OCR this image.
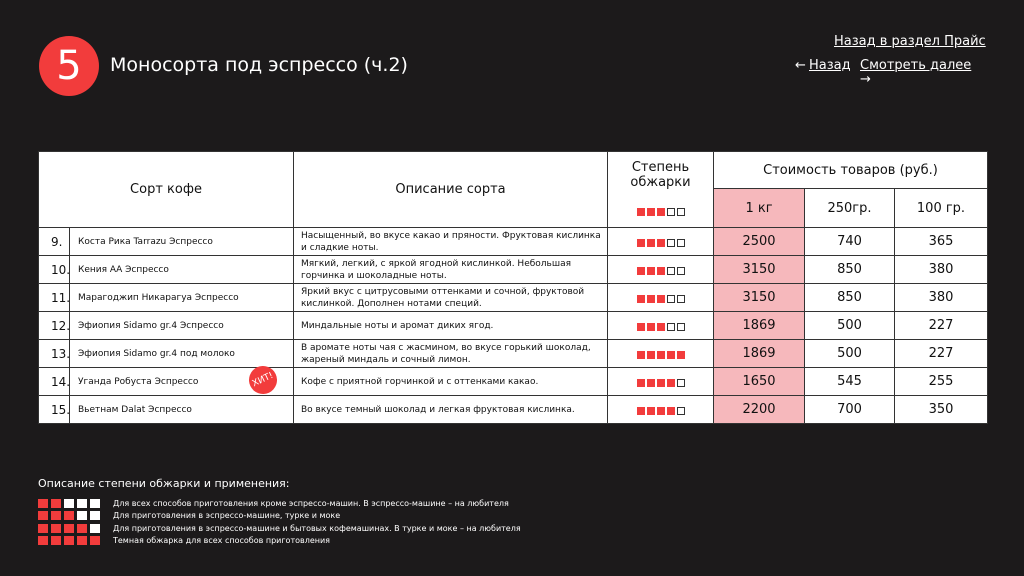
5	Моносорта под эспрессо (ч.2)
Назад в раздел Прайс
← Назад Смотреть далее
→
Сорт кофе		Описание сорта	Степень
обжарки	Стоимость товаров (руб.)		
				1 кг	250гр.	100 гр.
9.	Коста Рика Tarrazu Эспрессо	Насыщенный, во вкусе какао и пряности. Фруктовая кислинка и сладкие ноты.		2500	740	365
10.	Кения АА Эспрессо	Мягкий, легкий, с яркой ягодной кислинкой. Небольшая горчинка и шоколадные ноты.		3150	850	380
11.	Марагоджип Никарагуа Эспрессо	Яркий вкус с цитрусовыми оттенками и сочной, фруктовой кислинкой. Дополнен нотами специй.		3150	850	380
12.	Эфиопия Sidamo gr.4 Эспрессо	Миндальные ноты и аромат диких ягод.		1869	500	227
13.	Эфиопия Sidamo gr.4 под молоко	В аромате ноты чая с жасмином, во вкусе горький шоколад, жареный миндаль и сочный лимон.		1869	500	227
14.	Уганда Робуста Эспрессо ХИТ!	Кофе с приятной горчинкой и с оттенками какао.		1650	545	255
15.	Вьетнам Dalat Эспрессо	Во вкусе темный шоколад и легкая фруктовая кислинка.		2200	700	350
Описание степени обжарки и применения:
Для всех способов приготовления кроме эспрессо-машин. В эспрессо-машине – на любителя
Для приготовления в эспрессо-машине, турке и моке
Для приготовления в эспрессо-машине и бытовых кофемашинах. В турке и моке – на любителя
Темная обжарка для всех способов приготовления
